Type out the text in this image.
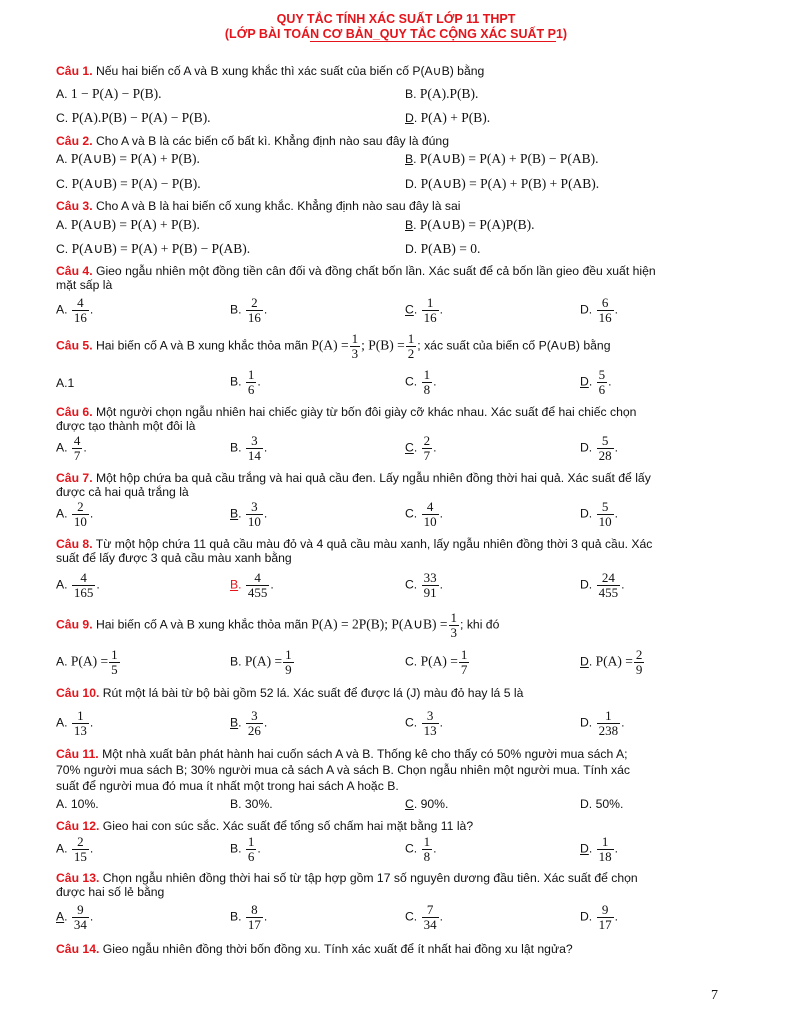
QUY TẮC TÍNH XÁC SUẤT LỚP 11 THPT
(LỚP BÀI TOÁN CƠ BẢN_QUY TẮC CỘNG XÁC SUẤT P1)
Câu 1. Nếu hai biến cố A và B xung khắc thì xác suất của biến cố P(A∪B) bằng
A. 1 − P(A) − P(B).	B. P(A).P(B).
C. P(A).P(B) − P(A) − P(B).	D. P(A) + P(B).
Câu 2. Cho A và B là các biến cố bất kì. Khẳng định nào sau đây là đúng
A. P(A∪B) = P(A) + P(B).	B. P(A∪B) = P(A) + P(B) − P(AB).
C. P(A∪B) = P(A) − P(B).	D. P(A∪B) = P(A) + P(B) + P(AB).
Câu 3. Cho A và B là hai biến cố xung khắc. Khẳng định nào sau đây là sai
A. P(A∪B) = P(A) + P(B).	B. P(A∪B) = P(A)P(B).
C. P(A∪B) = P(A) + P(B) − P(AB).	D. P(AB) = 0.
Câu 4. Gieo ngẫu nhiên một đồng tiền cân đối và đồng chất bốn lần. Xác suất để cả bốn lần gieo đều xuất hiện
mặt sấp là
A. $\frac{4}{16}$ .	B. $\frac{2}{16}$ .	C. $\frac{1}{16}$ .	D. $\frac{6}{16}$ .
Câu 5. Hai biến cố A và B xung khắc thỏa mãn $P(A) = \frac{1}{3}$ ; $P(B) = \frac{1}{2}$ ; xác suất của biến cố P(A∪B) bằng
A.1	B. $\frac{1}{6}$ .	C. $\frac{1}{8}$ .	D. $\frac{5}{6}$ .
Câu 6. Một người chọn ngẫu nhiên hai chiếc giày từ bốn đôi giày cỡ khác nhau. Xác suất để hai chiếc chọn
được tạo thành một đôi là
A. $\frac{4}{7}$ .	B. $\frac{3}{14}$ .	C. $\frac{2}{7}$ .	D. $\frac{5}{28}$ .
Câu 7. Một hộp chứa ba quả cầu trắng và hai quả cầu đen. Lấy ngẫu nhiên đồng thời hai quả. Xác suất để lấy
được cả hai quả trắng là
A. $\frac{2}{10}$ .	B. $\frac{3}{10}$ .	C. $\frac{4}{10}$ .	D. $\frac{5}{10}$ .
Câu 8. Từ một hộp chứa 11 quả cầu màu đỏ và 4 quả cầu màu xanh, lấy ngẫu nhiên đồng thời 3 quả cầu. Xác
suất để lấy được 3 quả cầu màu xanh bằng
A. $\frac{4}{165}$ .	B. $\frac{4}{455}$ .	C. $\frac{33}{91}$ .	D. $\frac{24}{455}$ .
Câu 9. Hai biến cố A và B xung khắc thỏa mãn P(A) = 2P(B); P(A∪B) = $\frac{1}{3}$ ; khi đó
A. $P(A) = \frac{1}{5}$	B. $P(A) = \frac{1}{9}$	C. $P(A) = \frac{1}{7}$	D. $P(A) = \frac{2}{9}$
Câu 10. Rút một lá bài từ bộ bài gồm 52 lá. Xác suất để được lá (J) màu đỏ hay lá 5 là
A. $\frac{1}{13}$ .	B. $\frac{3}{26}$ .	C. $\frac{3}{13}$ .	D. $\frac{1}{238}$ .
Câu 11. Một nhà xuất bản phát hành hai cuốn sách A và B. Thống kê cho thấy có 50% người mua sách A;
70% người mua sách B; 30% người mua cả sách A và sách B. Chọn ngẫu nhiên một người mua. Tính xác
suất để người mua đó mua ít nhất một trong hai sách A hoặc B.
A. 10%.	B. 30%.	C. 90%.	D. 50%.
Câu 12. Gieo hai con súc sắc. Xác suất để tổng số chấm hai mặt bằng 11 là?
A. $\frac{2}{15}$ .	B. $\frac{1}{6}$ .	C. $\frac{1}{8}$ .	D. $\frac{1}{18}$ .
Câu 13. Chọn ngẫu nhiên đồng thời hai số từ tập hợp gồm 17 số nguyên dương đầu tiên. Xác suất để chọn
được hai số lẻ bằng
A. $\frac{9}{34}$ .	B. $\frac{8}{17}$ .	C. $\frac{7}{34}$ .	D. $\frac{9}{17}$ .
Câu 14. Gieo ngẫu nhiên đồng thời bốn đồng xu. Tính xác xuất để ít nhất hai đồng xu lật ngửa?
7
